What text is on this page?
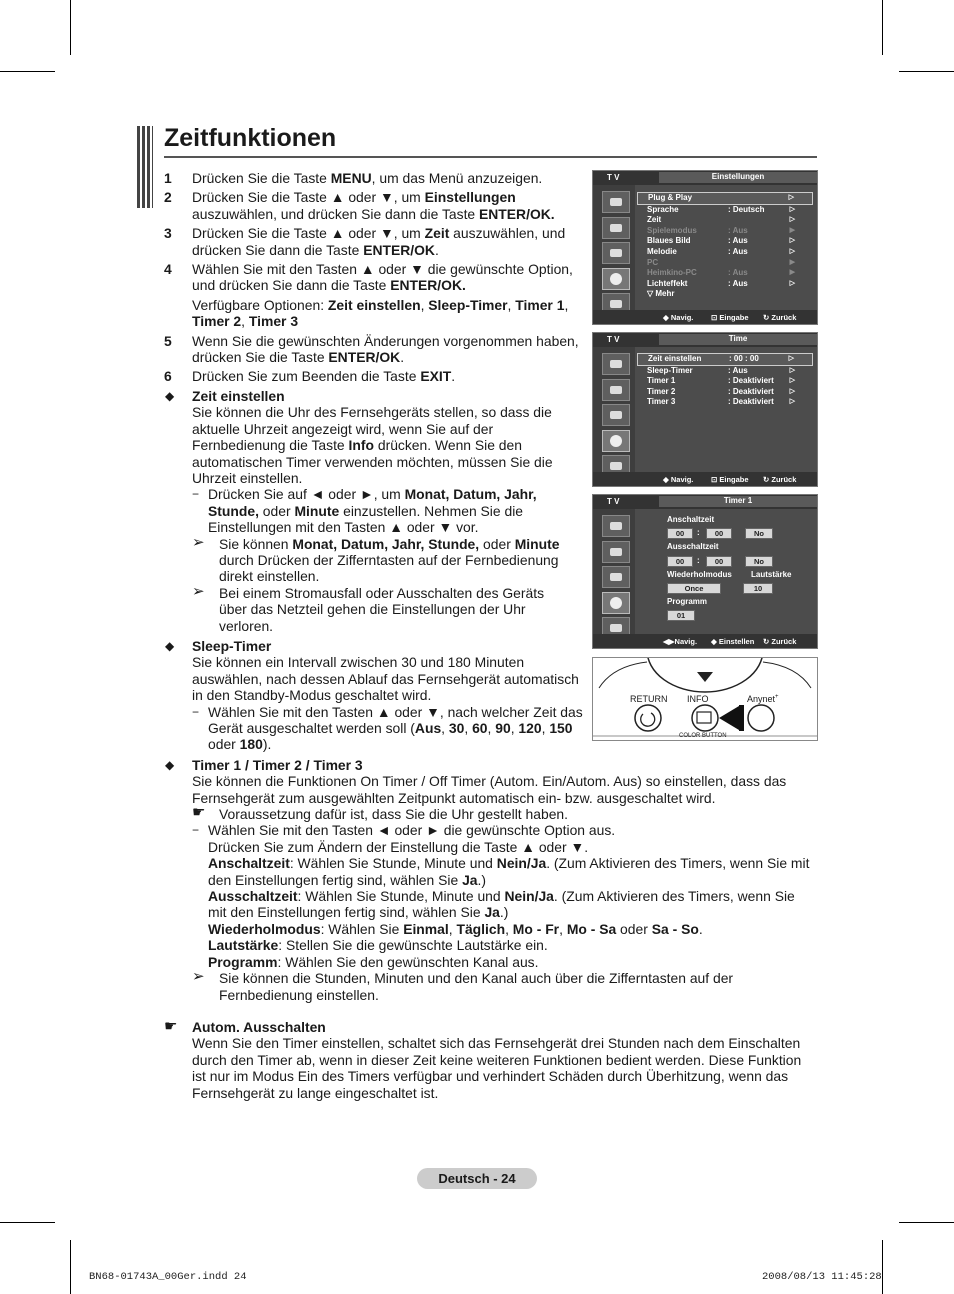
Zeitfunktionen
1 Drücken Sie die Taste MENU, um das Menü anzuzeigen.
2 Drücken Sie die Taste ▲ oder ▼, um Einstellungen auszuwählen, und drücken Sie dann die Taste ENTER/OK.
3 Drücken Sie die Taste ▲ oder ▼, um Zeit auszuwählen, und drücken Sie dann die Taste ENTER/OK.
4 Wählen Sie mit den Tasten ▲ oder ▼ die gewünschte Option, und drücken Sie dann die Taste ENTER/OK.
Verfügbare Optionen: Zeit einstellen, Sleep-Timer, Timer 1, Timer 2, Timer 3
5 Wenn Sie die gewünschten Änderungen vorgenommen haben, drücken Sie die Taste ENTER/OK.
6 Drücken Sie zum Beenden die Taste EXIT.
◆ Zeit einstellen
Sie können die Uhr des Fernsehgeräts stellen, so dass die aktuelle Uhrzeit angezeigt wird, wenn Sie auf der Fernbedienung die Taste Info drücken. Wenn Sie den automatischen Timer verwenden möchten, müssen Sie die Uhrzeit einstellen.
− Drücken Sie auf ◄ oder ►, um Monat, Datum, Jahr, Stunde, oder Minute einzustellen. Nehmen Sie die Einstellungen mit den Tasten ▲ oder ▼ vor.
➢ Sie können Monat, Datum, Jahr, Stunde, oder Minute durch Drücken der Zifferntasten auf der Fernbedienung direkt einstellen.
➢ Bei einem Stromausfall oder Ausschalten des Geräts über das Netzteil gehen die Einstellungen der Uhr verloren.
◆ Sleep-Timer
Sie können ein Intervall zwischen 30 und 180 Minuten auswählen, nach dessen Ablauf das Fernsehgerät automatisch in den Standby-Modus geschaltet wird.
− Wählen Sie mit den Tasten ▲ oder ▼, nach welcher Zeit das Gerät ausgeschaltet werden soll (Aus, 30, 60, 90, 120, 150 oder 180).
◆ Timer 1 / Timer 2 / Timer 3
Sie können die Funktionen On Timer / Off Timer (Autom. Ein/Autom. Aus) so einstellen, dass das Fernsehgerät zum ausgewählten Zeitpunkt automatisch ein- bzw. ausgeschaltet wird.
☛ Voraussetzung dafür ist, dass Sie die Uhr gestellt haben.
− Wählen Sie mit den Tasten ◄ oder ► die gewünschte Option aus.
Drücken Sie zum Ändern der Einstellung die Taste ▲ oder ▼.
Anschaltzeit: Wählen Sie Stunde, Minute und Nein/Ja. (Zum Aktivieren des Timers, wenn Sie mit den Einstellungen fertig sind, wählen Sie Ja.)
Ausschaltzeit: Wählen Sie Stunde, Minute und Nein/Ja. (Zum Aktivieren des Timers, wenn Sie mit den Einstellungen fertig sind, wählen Sie Ja.)
Wiederholmodus: Wählen Sie Einmal, Täglich, Mo - Fr, Mo - Sa oder Sa - So.
Lautstärke: Stellen Sie die gewünschte Lautstärke ein.
Programm: Wählen Sie den gewünschten Kanal aus.
➢ Sie können die Stunden, Minuten und den Kanal auch über die Zifferntasten auf der Fernbedienung einstellen.
☛ Autom. Ausschalten
Wenn Sie den Timer einstellen, schaltet sich das Fernsehgerät drei Stunden nach dem Einschalten durch den Timer ab, wenn in dieser Zeit keine weiteren Funktionen bedient werden. Diese Funktion ist nur im Modus Ein des Timers verfügbar und verhindert Schäden durch Überhitzung, wenn das Fernsehgerät zu lange eingeschaltet ist.
T V	Einstellungen
Plug & Play	▷
Sprache	: Deutsch	▷
Zeit	▷
Spielemodus	: Aus	▶
Blaues Bild	: Aus	▷
Melodie	: Aus	▷
PC	▶
Heimkino-PC	: Aus	▶
Lichteffekt	: Aus	▷
▽ Mehr
◆ Navig. ⊡ Eingabe ↻ Zurück
T V	Time
Zeit einstellen	: 00 : 00	▷
Sleep-Timer	: Aus	▷
Timer 1	: Deaktiviert ▷
Timer 2	: Deaktiviert ▷
Timer 3	: Deaktiviert ▷
◆ Navig. ⊡ Eingabe ↻ Zurück
T V	Timer 1
Anschaltzeit
00	:	00	No
Ausschaltzeit
00	:	00	No
Wiederholmodus Lautstärke
Once	10
Programm
01
◀▶Navig. ◆ Einstellen ↻ Zurück
RETURN INFO	Anynet+
COLOR BUTTON
Deutsch - 24
BN68-01743A_00Ger.indd 24	2008/08/13 11:45:28
